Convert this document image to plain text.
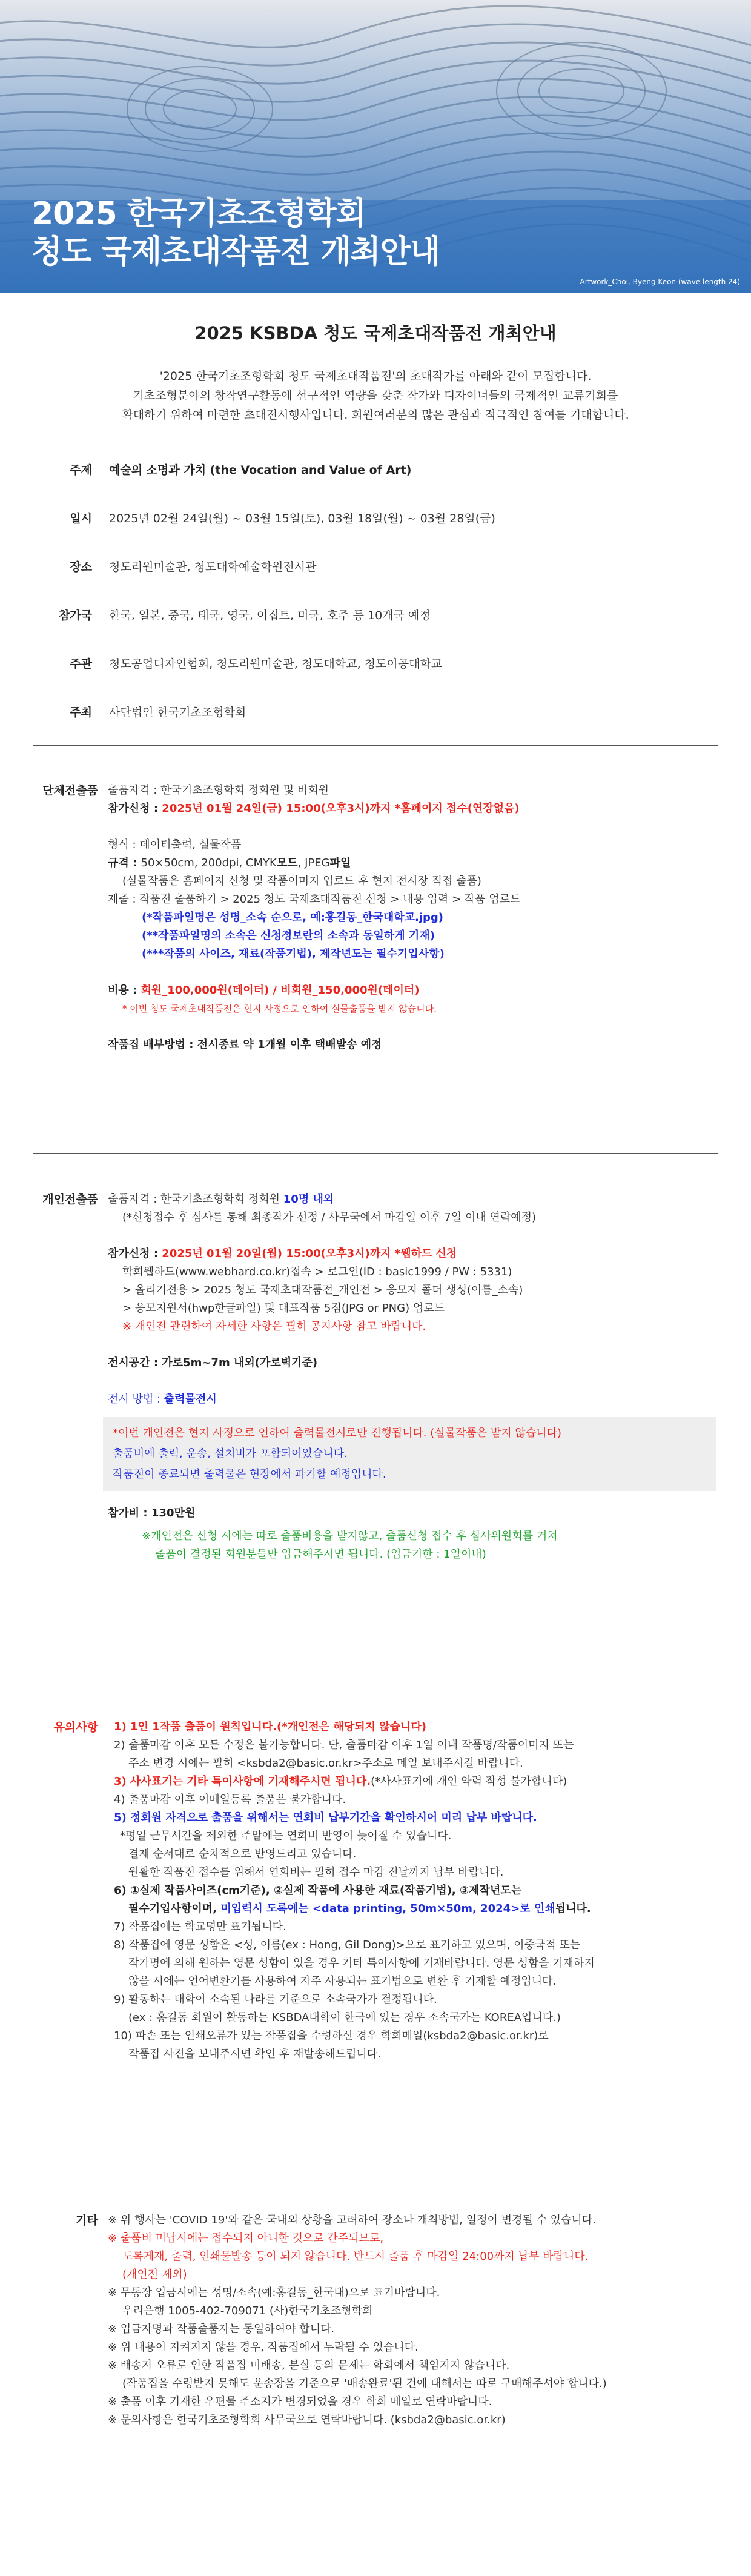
2025 한국기초조형학회
청도 국제초대작품전 개최안내
Artwork_Choi, Byeng Keon (wave length 24)
2025 KSBDA 청도 국제초대작품전 개최안내
'2025 한국기초조형학회 청도 국제초대작품전'의 초대작가를 아래와 같이 모집합니다.
기초조형분야의 창작연구활동에 선구적인 역량을 갖춘 작가와 디자이너들의 국제적인 교류기회를
확대하기 위하여 마련한 초대전시행사입니다. 회원여러분의 많은 관심과 적극적인 참여를 기대합니다.
주제 예술의 소명과 가치 (the Vocation and Value of Art)
일시 2025년 02월 24일(월) ~ 03월 15일(토), 03월 18일(월) ~ 03월 28일(금)
장소 청도리원미술관, 청도대학예술학원전시관
참가국 한국, 일본, 중국, 태국, 영국, 이집트, 미국, 호주 등 10개국 예정
주관 청도공업디자인협회, 청도리원미술관, 청도대학교, 청도이공대학교
주최 사단법인 한국기초조형학회
단체전출품 출품자격 : 한국기초조형학회 정회원 및 비회원
참가신청 : 2025년 01월 24일(금) 15:00(오후3시)까지 *홈페이지 접수(연장없음)
형식 : 데이터출력, 실물작품
규격 : 50×50cm, 200dpi, CMYK모드, JPEG파일
(실물작품은 홈페이지 신청 및 작품이미지 업로드 후 현지 전시장 직접 출품)
제출 : 작품전 출품하기 > 2025 청도 국제초대작품전 신청 > 내용 입력 > 작품 업로드
(*작품파일명은 성명_소속 순으로, 예:홍길동_한국대학교.jpg)
(**작품파일명의 소속은 신청정보란의 소속과 동일하게 기재)
(***작품의 사이즈, 재료(작품기법), 제작년도는 필수기입사항)
비용 : 회원_100,000원(데이터) / 비회원_150,000원(데이터)
* 이번 청도 국제초대작품전은 현지 사정으로 인하여 실물출품을 받지 않습니다.
작품집 배부방법 : 전시종료 약 1개월 이후 택배발송 예정
개인전출품 출품자격 : 한국기초조형학회 정회원 10명 내외
(*신청접수 후 심사를 통해 최종작가 선정 / 사무국에서 마감일 이후 7일 이내 연락예정)
참가신청 : 2025년 01월 20일(월) 15:00(오후3시)까지 *웹하드 신청
학회웹하드(www.webhard.co.kr)접속 > 로그인(ID : basic1999 / PW : 5331)
> 올리기전용 > 2025 청도 국제초대작품전_개인전 > 응모자 폴더 생성(이름_소속)
> 응모지원서(hwp한글파일) 및 대표작품 5점(JPG or PNG) 업로드
※ 개인전 관련하여 자세한 사항은 필히 공지사항 참고 바랍니다.
전시공간 : 가로5m~7m 내외(가로벽기준)
전시 방법 : 출력물전시
*이번 개인전은 현지 사정으로 인하여 출력물전시로만 진행됩니다. (실물작품은 받지 않습니다)
출품비에 출력, 운송, 설치비가 포함되어있습니다.
작품전이 종료되면 출력물은 현장에서 파기할 예정입니다.
참가비 : 130만원
※개인전은 신청 시에는 따로 출품비용을 받지않고, 출품신청 접수 후 심사위원회를 거쳐
출품이 결정된 회원분들만 입금해주시면 됩니다. (입금기한 : 1일이내)
유의사항 1) 1인 1작품 출품이 원칙입니다.(*개인전은 해당되지 않습니다)
2) 출품마감 이후 모든 수정은 불가능합니다. 단, 출품마감 이후 1일 이내 작품명/작품이미지 또는
주소 변경 시에는 필히 <ksbda2@basic.or.kr>주소로 메일 보내주시길 바랍니다.
3) 사사표기는 기타 특이사항에 기재해주시면 됩니다.(*사사표기에 개인 약력 작성 불가합니다)
4) 출품마감 이후 이메일등록 출품은 불가합니다.
5) 정회원 자격으로 출품을 위해서는 연회비 납부기간을 확인하시어 미리 납부 바랍니다.
*평일 근무시간을 제외한 주말에는 연회비 반영이 늦어질 수 있습니다.
결제 순서대로 순차적으로 반영드리고 있습니다.
원활한 작품전 접수를 위해서 연회비는 필히 접수 마감 전날까지 납부 바랍니다.
6) ①실제 작품사이즈(cm기준), ②실제 작품에 사용한 재료(작품기법), ③제작년도는
필수기입사항이며, 미입력시 도록에는 <data printing, 50m×50m, 2024>로 인쇄됩니다.
7) 작품집에는 학교명만 표기됩니다.
8) 작품집에 영문 성함은 <성, 이름(ex : Hong, Gil Dong)>으로 표기하고 있으며, 이중국적 또는
작가명에 의해 원하는 영문 성함이 있을 경우 기타 특이사항에 기재바랍니다. 영문 성함을 기재하지
않을 시에는 언어변환기를 사용하여 자주 사용되는 표기법으로 변환 후 기재할 예정입니다.
9) 활동하는 대학이 소속된 나라를 기준으로 소속국가가 결정됩니다.
(ex : 홍길동 회원이 활동하는 KSBDA대학이 한국에 있는 경우 소속국가는 KOREA입니다.)
10) 파손 또는 인쇄오류가 있는 작품집을 수령하신 경우 학회메일(ksbda2@basic.or.kr)로
작품집 사진을 보내주시면 확인 후 재발송해드립니다.
기타 ※ 위 행사는 'COVID 19'와 같은 국내외 상황을 고려하여 장소나 개최방법, 일정이 변경될 수 있습니다.
※ 출품비 미납시에는 접수되지 아니한 것으로 간주되므로,
도록게재, 출력, 인쇄물발송 등이 되지 않습니다. 반드시 출품 후 마감일 24:00까지 납부 바랍니다.
(개인전 제외)
※ 무통장 입금시에는 성명/소속(예:홍길동_한국대)으로 표기바랍니다.
우리은행 1005-402-709071 (사)한국기초조형학회
※ 입금자명과 작품출품자는 동일하여야 합니다.
※ 위 내용이 지켜지지 않을 경우, 작품집에서 누락될 수 있습니다.
※ 배송지 오류로 인한 작품집 미배송, 분실 등의 문제는 학회에서 책임지지 않습니다.
(작품집을 수령받지 못해도 운송장을 기준으로 '배송완료'된 건에 대해서는 따로 구매해주셔야 합니다.)
※ 출품 이후 기재한 우편물 주소지가 변경되었을 경우 학회 메일로 연락바랍니다.
※ 문의사항은 한국기초조형학회 사무국으로 연락바랍니다. (ksbda2@basic.or.kr)
